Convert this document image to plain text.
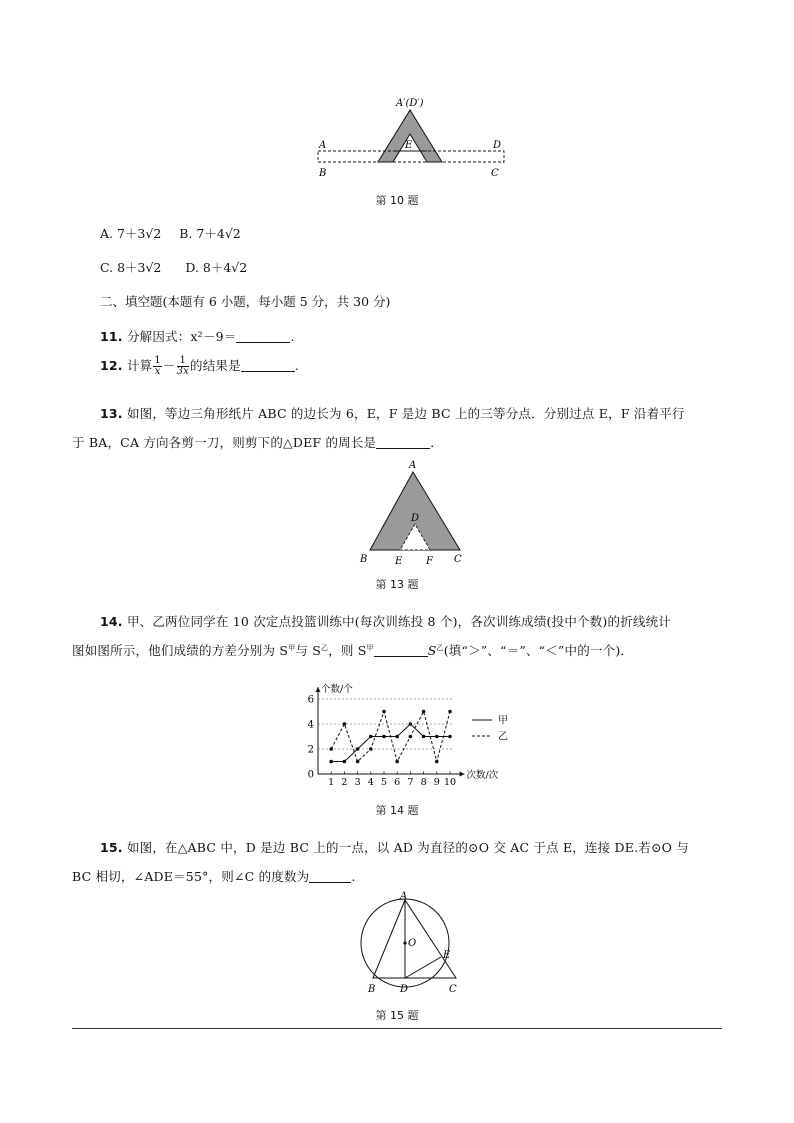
A′(D′)
A	D
B	C
E
第 10 题
A. 7＋3√2 B. 7＋4√2
C. 8＋3√2 D. 8＋4√2
二、填空题(本题有 6 小题，每小题 5 分，共 30 分)
11. 分解因式：x²－9＝	.
12. 计算 $\frac{1}{x} - \frac{1}{3x}$ 的结果是	.
13. 如图，等边三角形纸片 ABC 的边长为 6，E，F 是边 BC 上的三等分点．分别过点 E，F 沿着平行
于 BA，CA 方向各剪一刀，则剪下的△DEF 的周长是	．
A
B	C
D
E F
第 13 题
14. 甲、乙两位同学在 10 次定点投篮训练中(每次训练投 8 个)，各次训练成绩(投中个数)的折线统计
图如图所示，他们成绩的方差分别为 $S^甲$与 $S^乙$，则 $S^甲$	$S^乙$(填“＞”、“＝”、“＜”中的一个)．
0
2
4
6
1 2 3 4 5 6 7 8 9 10
个数/个
次数/次
甲
乙
第 14 题
15. 如图，在△ABC 中，D 是边 BC 上的一点，以 AD 为直径的⊙O 交 AC 于点 E，连接 DE.若⊙O 与
BC 相切，∠ADE＝55°，则∠C 的度数为	.
A
B	C
D
E
O
第 15 题
